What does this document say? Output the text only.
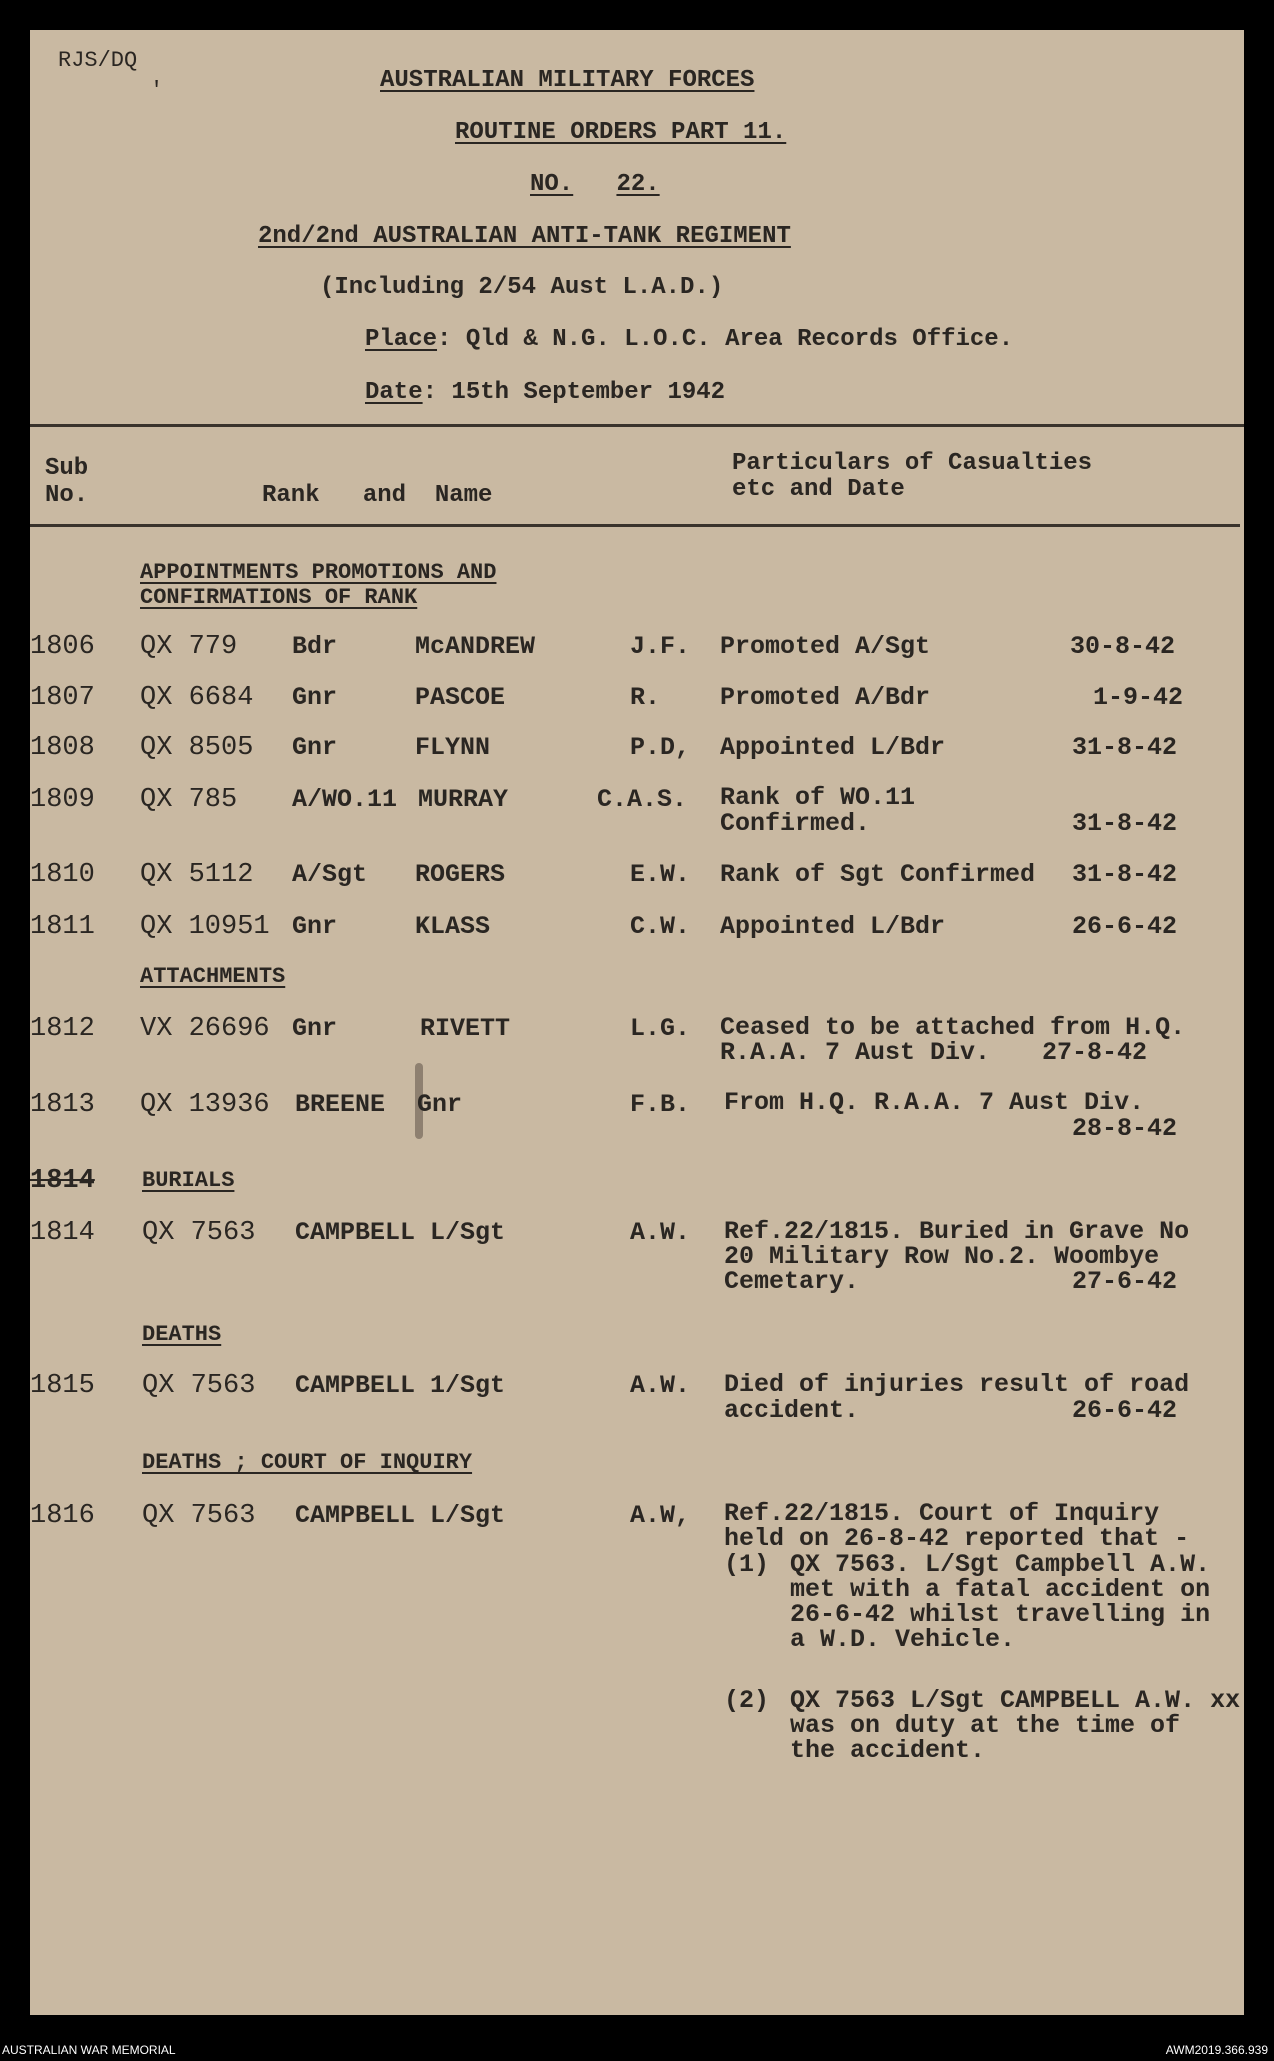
RJS/DQ
ʹ	AUSTRALIAN MILITARY FORCES
ROUTINE ORDERS PART 11.
NO. 22.
2nd/2nd AUSTRALIAN ANTI-TANK REGIMENT
(Including 2/54 Aust L.A.D.)
Place: Qld & N.G. L.O.C. Area Records Office.
Date: 15th September 1942
Sub
No.	Rank   and  Name
Particulars of Casualties
etc and Date
APPOINTMENTS PROMOTIONS AND
CONFIRMATIONS OF RANK
1806 QX 779 Bdr	McANDREW	J.F. Promoted A/Sgt	30-8-42
1807 QX 6684 Gnr	PASCOE	R. Promoted A/Bdr	1-9-42
1808 QX 8505 Gnr	FLYNN	P.D, Appointed L/Bdr	31-8-42
1809 QX 785 A/WO.11 MURRAY	C.A.S. Rank of WO.11
Confirmed.	31-8-42
1810 QX 5112 A/Sgt ROGERS	E.W. Rank of Sgt Confirmed 31-8-42
1811 QX 10951 Gnr	KLASS	C.W. Appointed L/Bdr	26-6-42
ATTACHMENTS
1812 VX 26696 Gnr	RIVETT	L.G. Ceased to be attached from H.Q.
R.A.A. 7 Aust Div. 27-8-42
1813 QX 13936 BREENE Gnr	F.B. From H.Q. R.A.A. 7 Aust Div.
28-8-42
1814 BURIALS
1814 QX 7563 CAMPBELL L/Sgt	A.W. Ref.22/1815. Buried in Grave No
20 Military Row No.2. Woombye
Cemetary.	27-6-42
DEATHS
1815 QX 7563 CAMPBELL 1/Sgt	A.W. Died of injuries result of road
accident.	26-6-42
DEATHS ; COURT OF INQUIRY
1816 QX 7563 CAMPBELL L/Sgt	A.W, Ref.22/1815. Court of Inquiry
held on 26-8-42 reported that -
(1) QX 7563. L/Sgt Campbell A.W.
met with a fatal accident on
26-6-42 whilst travelling in
a W.D. Vehicle.
(2) QX 7563 L/Sgt CAMPBELL A.W. xx
was on duty at the time of
the accident.
AUSTRALIAN WAR MEMORIAL	AWM2019.366.939
